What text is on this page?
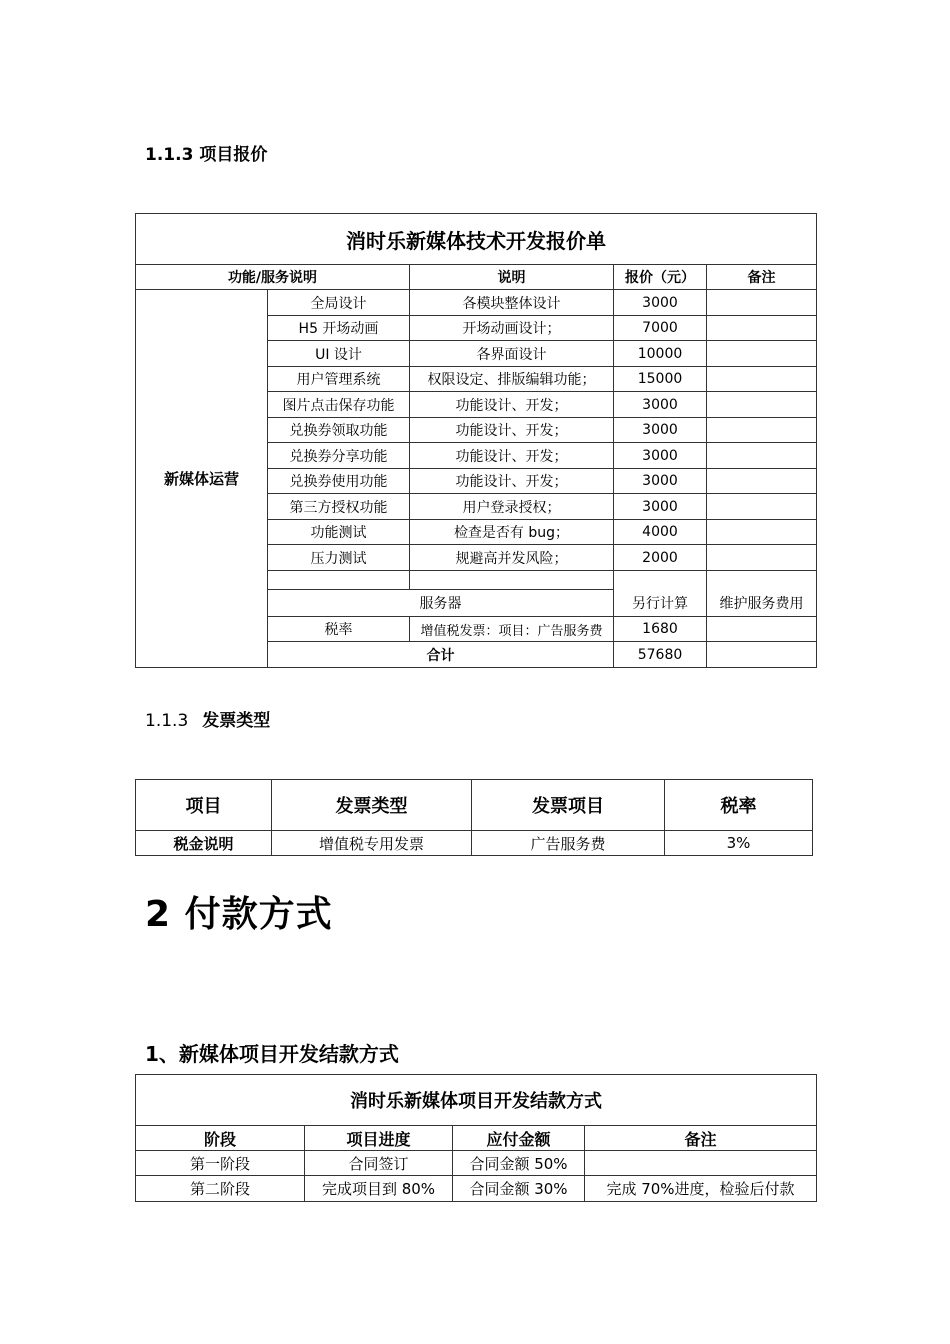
1.1.3 项目报价
消时乐新媒体技术开发报价单				
功能/服务说明		说明	报价（元）	备注
新媒体运营	全局设计	各模块整体设计	3000	
	H5 开场动画	开场动画设计；	7000	
	UI 设计	各界面设计	10000	
	用户管理系统	权限设定、排版编辑功能；	15000	
	图片点击保存功能	功能设计、开发；	3000	
	兑换券领取功能	功能设计、开发；	3000	
	兑换券分享功能	功能设计、开发；	3000	
	兑换券使用功能	功能设计、开发；	3000	
	第三方授权功能	用户登录授权；	3000	
	功能测试	检查是否有 bug；	4000	
	压力测试	规避高并发风险；	2000	

	服务器		另行计算	维护服务费用
	税率	增值税发票：项目：广告服务费	1680	
	合计		57680	
1.1.3 发票类型
项目	发票类型	发票项目	税率
税金说明	增值税专用发票	广告服务费	3%
2 付款方式
1、新媒体项目开发结款方式
消时乐新媒体项目开发结款方式			
阶段	项目进度	应付金额	备注
第一阶段	合同签订	合同金额 50%	
第二阶段	完成项目到 80%	合同金额 30%	完成 70%进度，检验后付款
